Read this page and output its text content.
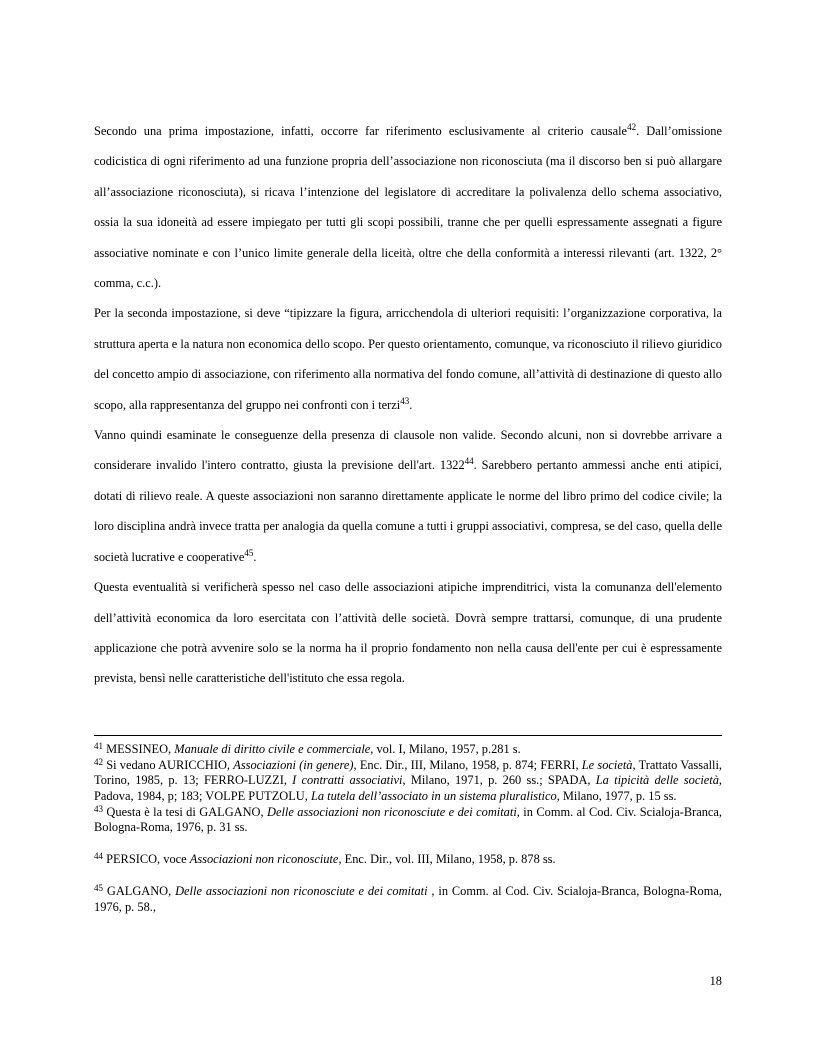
Secondo una prima impostazione, infatti, occorre far riferimento esclusivamente al criterio causale$^{42}$. Dall’omissione codicistica di ogni riferimento ad una funzione propria dell’associazione non riconosciuta (ma il discorso ben si può allargare all’associazione riconosciuta), si ricava l’intenzione del legislatore di accreditare la polivalenza dello schema associativo, ossia la sua idoneità ad essere impiegato per tutti gli scopi possibili, tranne che per quelli espressamente assegnati a figure associative nominate e con l’unico limite generale della liceità, oltre che della conformità a interessi rilevanti (art. 1322, 2° comma, c.c.).

Per la seconda impostazione, si deve “tipizzare la figura, arricchendola di ulteriori requisiti: l’organizzazione corporativa, la struttura aperta e la natura non economica dello scopo. Per questo orientamento, comunque, va riconosciuto il rilievo giuridico del concetto ampio di associazione, con riferimento alla normativa del fondo comune, all’attività di destinazione di questo allo scopo, alla rappresentanza del gruppo nei confronti con i terzi$^{43}$.

Vanno quindi esaminate le conseguenze della presenza di clausole non valide. Secondo alcuni, non si dovrebbe arrivare a considerare invalido l'intero contratto, giusta la previsione dell'art. 1322$^{44}$. Sarebbero pertanto ammessi anche enti atipici, dotati di rilievo reale. A queste associazioni non saranno direttamente applicate le norme del libro primo del codice civile; la loro disciplina andrà invece tratta per analogia da quella comune a tutti i gruppi associativi, compresa, se del caso, quella delle società lucrative e cooperative$^{45}$.

Questa eventualità si verificherà spesso nel caso delle associazioni atipiche imprenditrici, vista la comunanza dell'elemento dell’attività economica da loro esercitata con l’attività delle società. Dovrà sempre trattarsi, comunque, di una prudente applicazione che potrà avvenire solo se la norma ha il proprio fondamento non nella causa dell'ente per cui è espressamente prevista, bensì nelle caratteristiche dell'istituto che essa regola.

$^{41}$ MESSINEO, Manuale di diritto civile e commerciale, vol. I, Milano, 1957, p.281 s.

$^{42}$ Si vedano AURICCHIO, Associazioni (in genere), Enc. Dir., III, Milano, 1958, p. 874; FERRI, Le società, Trattato Vassalli, Torino, 1985, p. 13; FERRO-LUZZI, I contratti associativi, Milano, 1971, p. 260 ss.; SPADA, La tipicità delle società, Padova, 1984, p; 183; VOLPE PUTZOLU, La tutela dell’associato in un sistema pluralistico, Milano, 1977, p. 15 ss.

$^{43}$ Questa è la tesi di GALGANO, Delle associazioni non riconosciute e dei comitati, in Comm. al Cod. Civ. Scialoja-Branca, Bologna-Roma, 1976, p. 31 ss.

$^{44}$ PERSICO, voce Associazioni non riconosciute, Enc. Dir., vol. III, Milano, 1958, p. 878 ss.

$^{45}$ GALGANO, Delle associazioni non riconosciute e dei comitati , in Comm. al Cod. Civ. Scialoja-Branca, Bologna-Roma, 1976, p. 58.,

18
